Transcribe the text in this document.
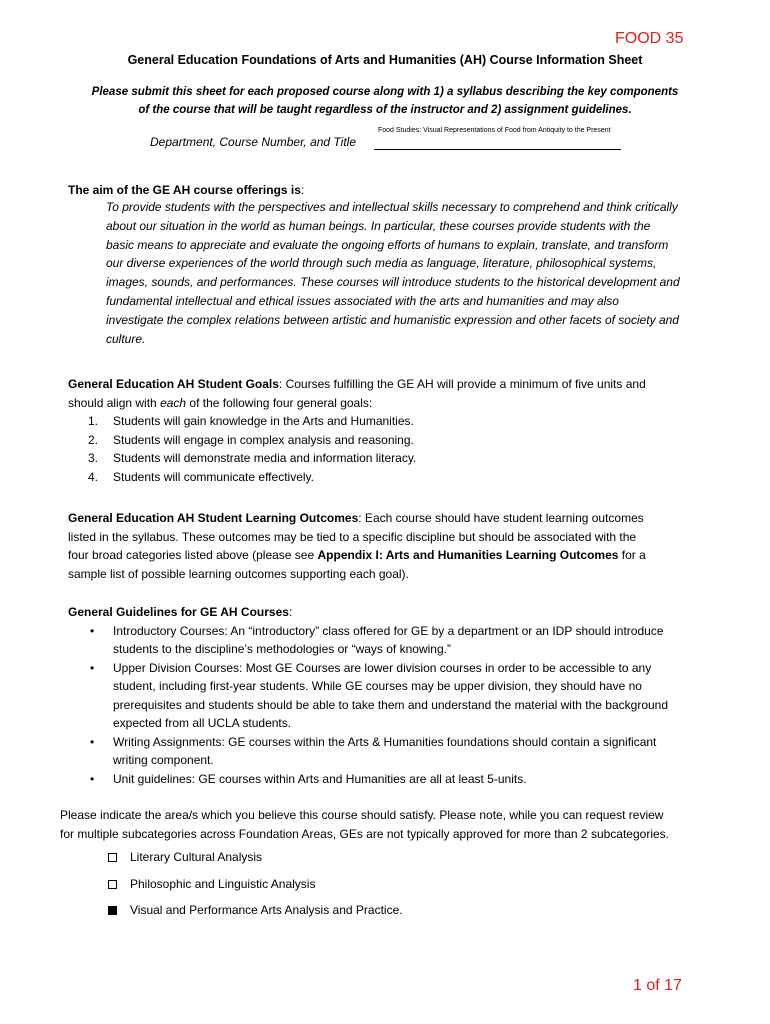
FOOD 35
General Education Foundations of Arts and Humanities (AH) Course Information Sheet
Please submit this sheet for each proposed course along with 1) a syllabus describing the key components
of the course that will be taught regardless of the instructor and 2) assignment guidelines.
Food Studies: Visual Representations of Food from Antiquity to the Present
Department, Course Number, and Title
The aim of the GE AH course offerings is:
To provide students with the perspectives and intellectual skills necessary to comprehend and think critically
about our situation in the world as human beings. In particular, these courses provide students with the
basic means to appreciate and evaluate the ongoing efforts of humans to explain, translate, and transform
our diverse experiences of the world through such media as language, literature, philosophical systems,
images, sounds, and performances. These courses will introduce students to the historical development and
fundamental intellectual and ethical issues associated with the arts and humanities and may also
investigate the complex relations between artistic and humanistic expression and other facets of society and
culture.
General Education AH Student Goals: Courses fulfilling the GE AH will provide a minimum of five units and
should align with each of the following four general goals:
1. Students will gain knowledge in the Arts and Humanities.
2. Students will engage in complex analysis and reasoning.
3. Students will demonstrate media and information literacy.
4. Students will communicate effectively.
General Education AH Student Learning Outcomes: Each course should have student learning outcomes
listed in the syllabus. These outcomes may be tied to a specific discipline but should be associated with the
four broad categories listed above (please see Appendix I: Arts and Humanities Learning Outcomes for a
sample list of possible learning outcomes supporting each goal).
General Guidelines for GE AH Courses:
• Introductory Courses: An “introductory” class offered for GE by a department or an IDP should introduce
students to the discipline’s methodologies or “ways of knowing.”
• Upper Division Courses: Most GE Courses are lower division courses in order to be accessible to any
student, including first-year students. While GE courses may be upper division, they should have no
prerequisites and students should be able to take them and understand the material with the background
expected from all UCLA students.
• Writing Assignments: GE courses within the Arts & Humanities foundations should contain a significant
writing component.
• Unit guidelines: GE courses within Arts and Humanities are all at least 5-units.
Please indicate the area/s which you believe this course should satisfy. Please note, while you can request review
for multiple subcategories across Foundation Areas, GEs are not typically approved for more than 2 subcategories.
Literary Cultural Analysis
Philosophic and Linguistic Analysis
Visual and Performance Arts Analysis and Practice.
1 of 17
